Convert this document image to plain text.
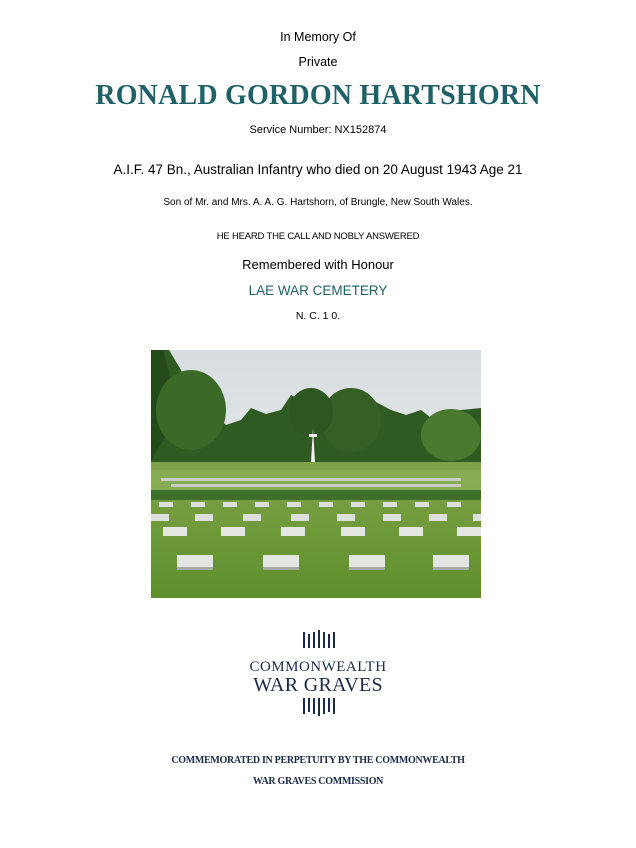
In Memory Of
Private
RONALD GORDON HARTSHORN
Service Number: NX152874
A.I.F. 47 Bn., Australian Infantry who died on 20 August 1943 Age 21
Son of Mr. and Mrs. A. A. G. Hartshorn, of Brungle, New South Wales.
HE HEARD THE CALL AND NOBLY ANSWERED
Remembered with Honour
LAE WAR CEMETERY
N. C. 1 0.
COMMONWEALTH
WAR GRAVES
COMMEMORATED IN PERPETUITY BY THE COMMONWEALTH
WAR GRAVES COMMISSION
